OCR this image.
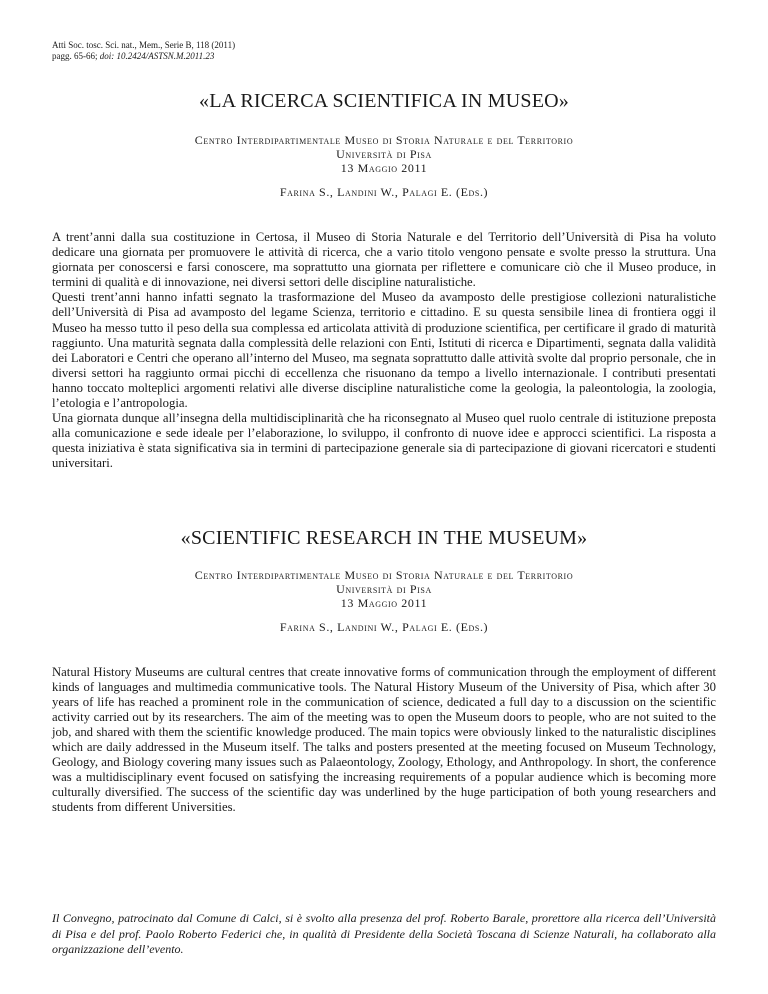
Atti Soc. tosc. Sci. nat., Mem., Serie B, 118 (2011)

pagg. 65-66; doi: 10.2424/ASTSN.M.2011.23

«LA RICERCA SCIENTIFICA IN MUSEO»

Centro Interdipartimentale Museo di Storia Naturale e del Territorio

Università di Pisa

13 Maggio 2011

Farina S., Landini W., Palagi E. (Eds.)

A trent’anni dalla sua costituzione in Certosa, il Museo di Storia Naturale e del Territorio dell’Università di Pisa ha voluto dedicare una giornata per promuovere le attività di ricerca, che a vario titolo vengono pensate e svolte presso la struttura. Una giornata per conoscersi e farsi conoscere, ma soprattutto una giornata per riflettere e comunicare ciò che il Museo produce, in termini di qualità e di innovazione, nei diversi settori delle discipline naturalistiche.

Questi trent’anni hanno infatti segnato la trasformazione del Museo da avamposto delle prestigiose collezioni naturalistiche dell’Università di Pisa ad avamposto del legame Scienza, territorio e cittadino. E su questa sensibile linea di frontiera oggi il Museo ha messo tutto il peso della sua complessa ed articolata attività di produzione scientifica, per certificare il grado di maturità raggiunto. Una maturità segnata dalla complessità delle relazioni con Enti, Istituti di ricerca e Dipartimenti, segnata dalla validità dei Laboratori e Centri che operano all’interno del Museo, ma segnata soprattutto dalle attività svolte dal proprio personale, che in diversi settori ha raggiunto ormai picchi di eccellenza che risuonano da tempo a livello internazionale. I contributi presentati hanno toccato molteplici argomenti relativi alle diverse discipline naturalistiche come la geologia, la paleontologia, la zoologia, l’etologia e l’antropologia.

Una giornata dunque all’insegna della multidisciplinarità che ha riconsegnato al Museo quel ruolo centrale di istituzione preposta alla comunicazione e sede ideale per l’elaborazione, lo sviluppo, il confronto di nuove idee e approcci scientifici. La risposta a questa iniziativa è stata significativa sia in termini di partecipazione generale sia di partecipazione di giovani ricercatori e studenti universitari.

«SCIENTIFIC RESEARCH IN THE MUSEUM»

Centro Interdipartimentale Museo di Storia Naturale e del Territorio

Università di Pisa

13 Maggio 2011

Farina S., Landini W., Palagi E. (Eds.)

Natural History Museums are cultural centres that create innovative forms of communication through the employment of different kinds of languages and multimedia communicative tools. The Natural History Museum of the University of Pisa, which after 30 years of life has reached a prominent role in the communication of science, dedicated a full day to a discussion on the scientific activity carried out by its researchers. The aim of the meeting was to open the Museum doors to people, who are not suited to the job, and shared with them the scientific knowledge produced. The main topics were obviously linked to the naturalistic disciplines which are daily addressed in the Museum itself. The talks and posters presented at the meeting focused on Museum Technology, Geology, and Biology covering many issues such as Palaeontology, Zoology, Ethology, and Anthropology. In short, the conference was a multidisciplinary event focused on satisfying the increasing requirements of a popular audience which is becoming more culturally diversified. The success of the scientific day was underlined by the huge participation of both young researchers and students from different Universities.

Il Convegno, patrocinato dal Comune di Calci, si è svolto alla presenza del prof. Roberto Barale, prorettore alla ricerca dell’Università di Pisa e del prof. Paolo Roberto Federici che, in qualità di Presidente della Società Toscana di Scienze Naturali, ha collaborato alla organizzazione dell’evento.
